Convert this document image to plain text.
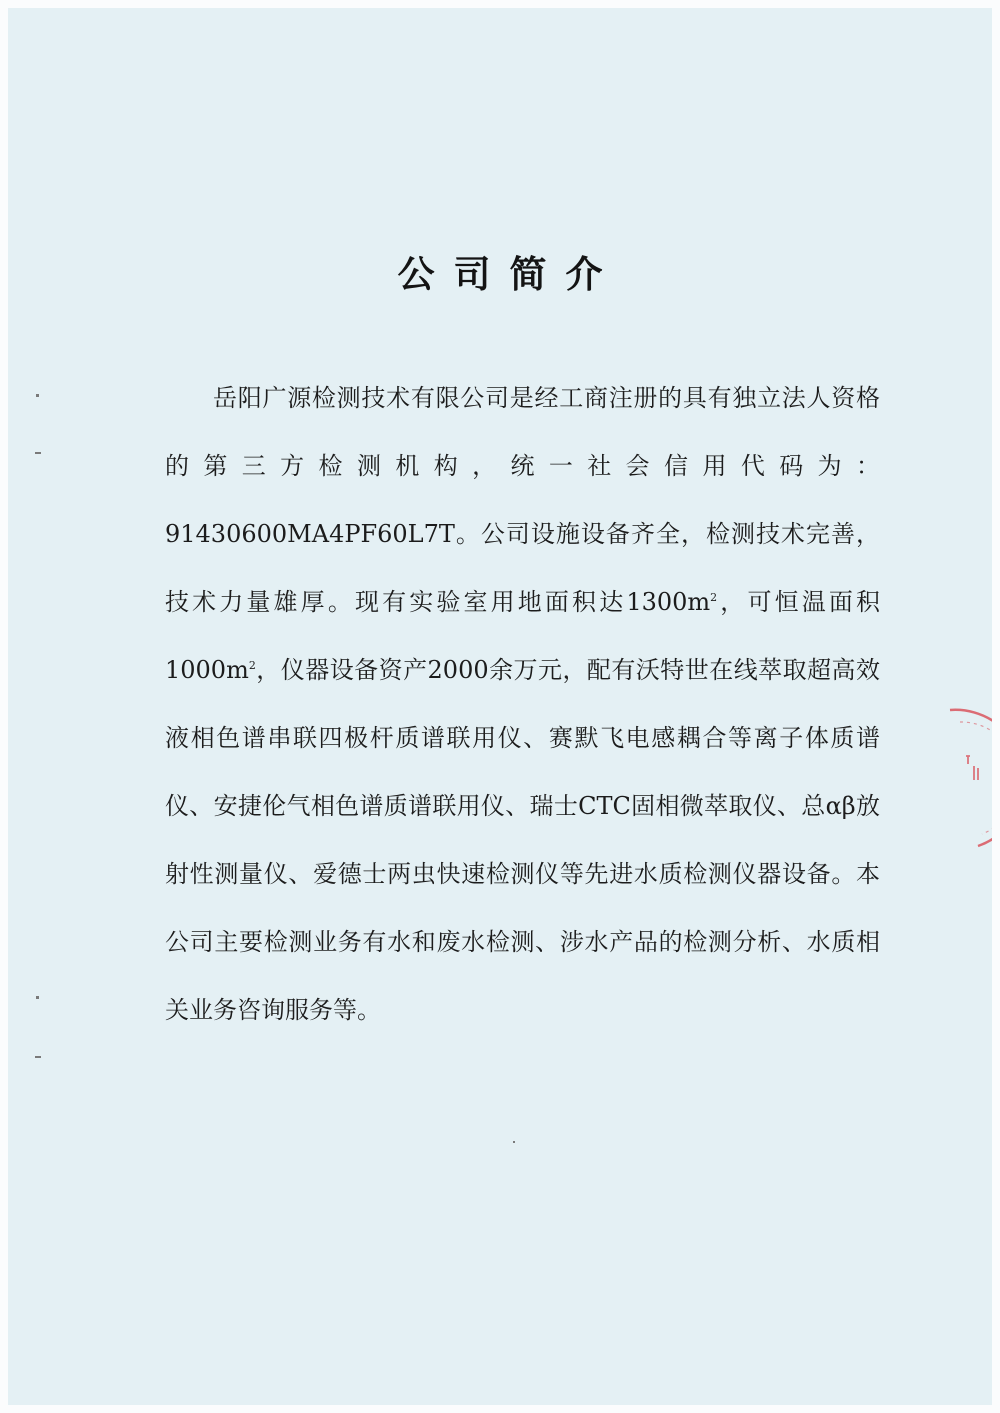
公司简介

岳阳广源检测技术有限公司是经工商注册的具有独立法人资格的第三方检测机构，统一社会信用代码为：91430600MA4PF60L7T。公司设施设备齐全，检测技术完善，技术力量雄厚。现有实验室用地面积达$1300m^2$，可恒温面积$1000m^2$，仪器设备资产2000余万元，配有沃特世在线萃取超高效液相色谱串联四极杆质谱联用仪、赛默飞电感耦合等离子体质谱仪、安捷伦气相色谱质谱联用仪、瑞士CTC固相微萃取仪、总αβ放射性测量仪、爱德士两虫快速检测仪等先进水质检测仪器设备。本公司主要检测业务有水和废水检测、涉水产品的检测分析、水质相关业务咨询服务等。
